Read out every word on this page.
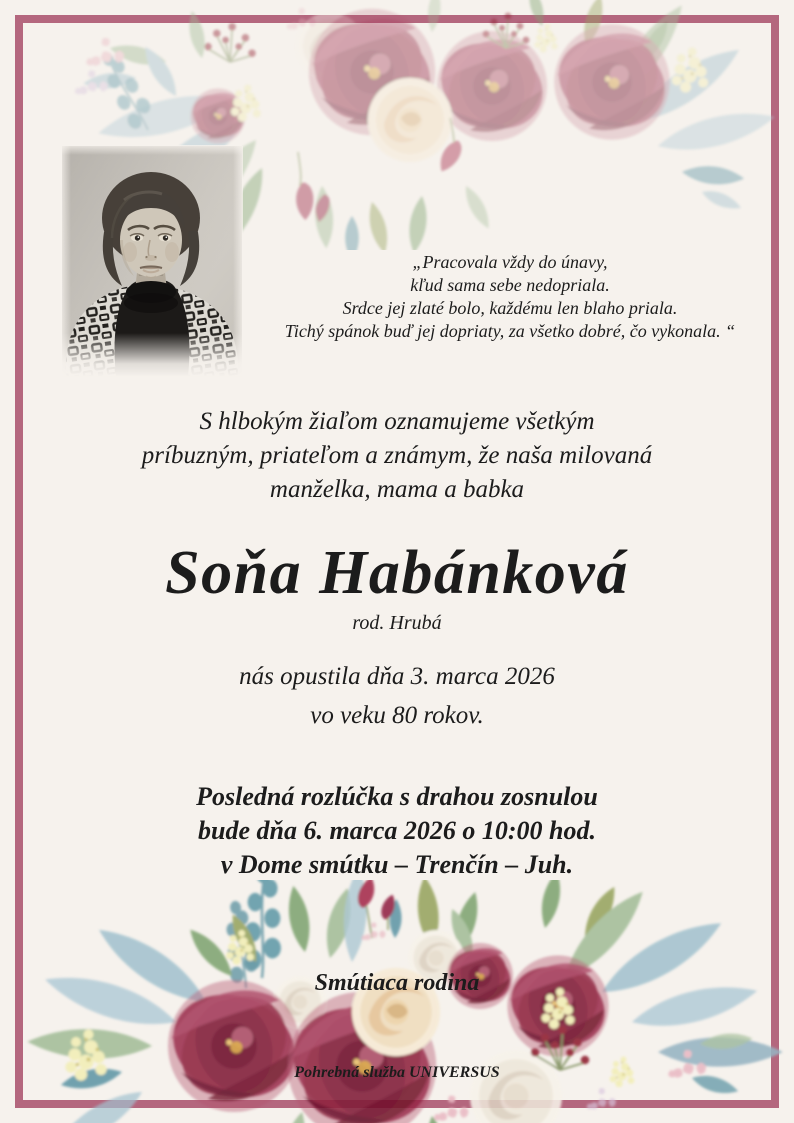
„Pracovala vždy do únavy,
kľud sama sebe nedopriala.
Srdce jej zlaté bolo, každému len blaho priala.
Tichý spánok buď jej dopriaty, za všetko dobré, čo vykonala. “
S hlbokým žiaľom oznamujeme všetkým
príbuzným, priateľom a známym, že naša milovaná
manželka, mama a babka
Soňa Habánková
rod. Hrubá
nás opustila dňa 3. marca 2026
vo veku 80 rokov.
Posledná rozlúčka s drahou zosnulou
bude dňa 6. marca 2026 o 10:00 hod.
v Dome smútku – Trenčín – Juh.
Smútiaca rodina
Pohrebná služba UNIVERSUS
